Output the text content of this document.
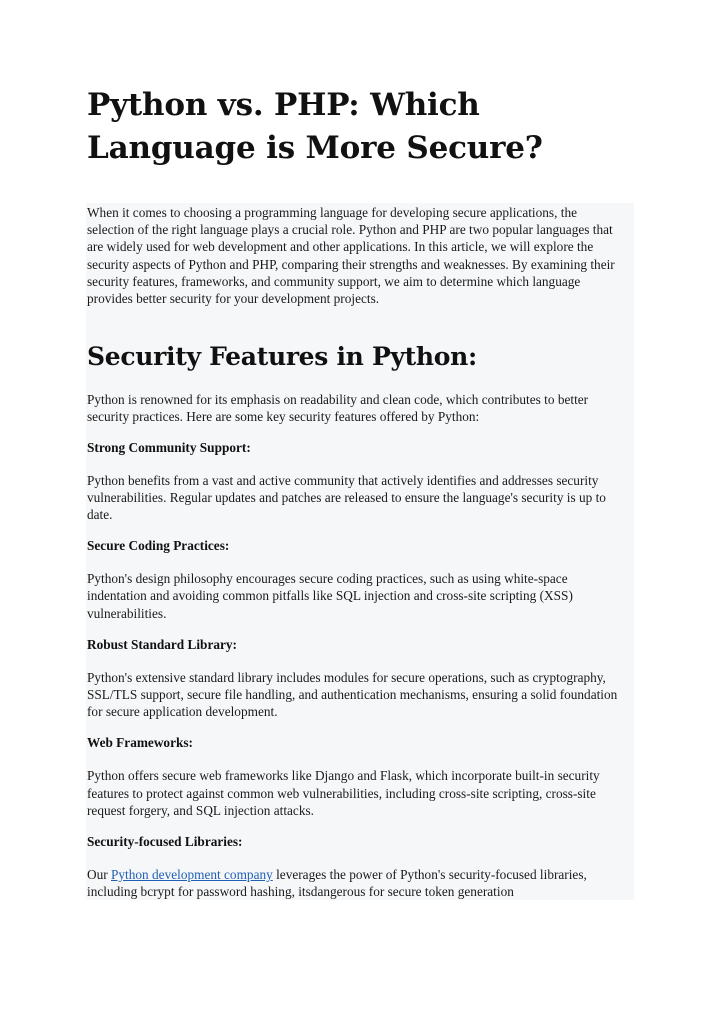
Python vs. PHP: Which Language is More Secure?

When it comes to choosing a programming language for developing secure applications, the selection of the right language plays a crucial role. Python and PHP are two popular languages that are widely used for web development and other applications. In this article, we will explore the security aspects of Python and PHP, comparing their strengths and weaknesses. By examining their security features, frameworks, and community support, we aim to determine which language provides better security for your development projects.

Security Features in Python:

Python is renowned for its emphasis on readability and clean code, which contributes to better security practices. Here are some key security features offered by Python:

Strong Community Support:

Python benefits from a vast and active community that actively identifies and addresses security vulnerabilities. Regular updates and patches are released to ensure the language's security is up to date.

Secure Coding Practices:

Python's design philosophy encourages secure coding practices, such as using white-space indentation and avoiding common pitfalls like SQL injection and cross-site scripting (XSS) vulnerabilities.

Robust Standard Library:

Python's extensive standard library includes modules for secure operations, such as cryptography, SSL/TLS support, secure file handling, and authentication mechanisms, ensuring a solid foundation for secure application development.

Web Frameworks:

Python offers secure web frameworks like Django and Flask, which incorporate built-in security features to protect against common web vulnerabilities, including cross-site scripting, cross-site request forgery, and SQL injection attacks.

Security-focused Libraries:

Our Python development company leverages the power of Python's security-focused libraries, including bcrypt for password hashing, itsdangerous for secure token generation
